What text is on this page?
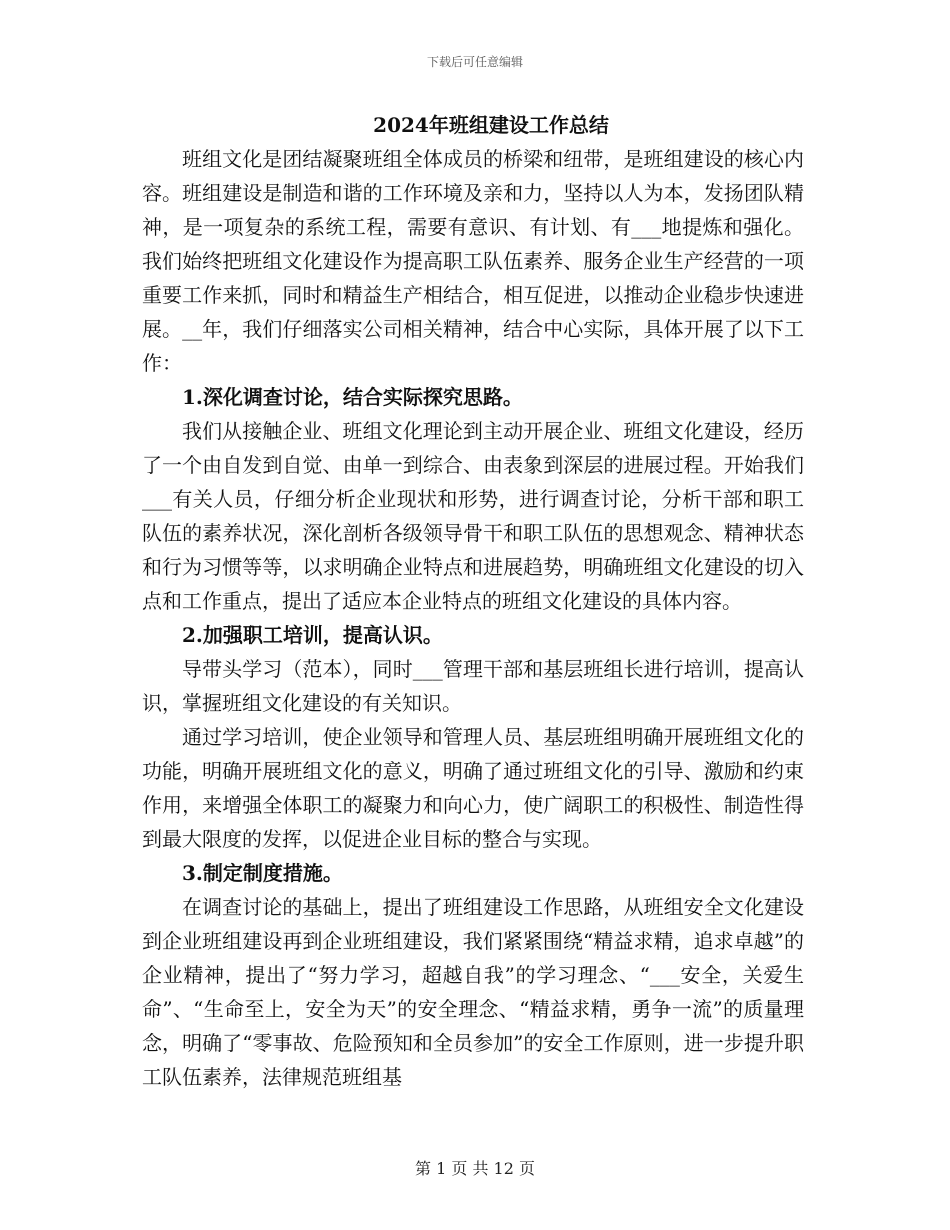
下载后可任意编辑
2024年班组建设工作总结

班组文化是团结凝聚班组全体成员的桥梁和纽带，是班组建设的核心内容。班组建设是制造和谐的工作环境及亲和力，坚持以人为本，发扬团队精神，是一项复杂的系统工程，需要有意识、有计划、有___地提炼和强化。我们始终把班组文化建设作为提高职工队伍素养、服务企业生产经营的一项重要工作来抓，同时和精益生产相结合，相互促进，以推动企业稳步快速进展。__年，我们仔细落实公司相关精神，结合中心实际，具体开展了以下工作：

1.深化调查讨论，结合实际探究思路。

我们从接触企业、班组文化理论到主动开展企业、班组文化建设，经历了一个由自发到自觉、由单一到综合、由表象到深层的进展过程。开始我们___有关人员，仔细分析企业现状和形势，进行调查讨论，分析干部和职工队伍的素养状况，深化剖析各级领导骨干和职工队伍的思想观念、精神状态和行为习惯等等，以求明确企业特点和进展趋势，明确班组文化建设的切入点和工作重点，提出了适应本企业特点的班组文化建设的具体内容。

2.加强职工培训，提高认识。

导带头学习（范本），同时___管理干部和基层班组长进行培训，提高认识，掌握班组文化建设的有关知识。

通过学习培训，使企业领导和管理人员、基层班组明确开展班组文化的功能，明确开展班组文化的意义，明确了通过班组文化的引导、激励和约束作用，来增强全体职工的凝聚力和向心力，使广阔职工的积极性、制造性得到最大限度的发挥，以促进企业目标的整合与实现。

3.制定制度措施。

在调查讨论的基础上，提出了班组建设工作思路，从班组安全文化建设到企业班组建设再到企业班组建设，我们紧紧围绕“精益求精，追求卓越”的企业精神，提出了“努力学习，超越自我”的学习理念、“___安全，关爱生命”、“生命至上，安全为天”的安全理念、“精益求精，勇争一流”的质量理念，明确了“零事故、危险预知和全员参加”的安全工作原则，进一步提升职工队伍素养，法律规范班组基

第 1 页 共 12 页
